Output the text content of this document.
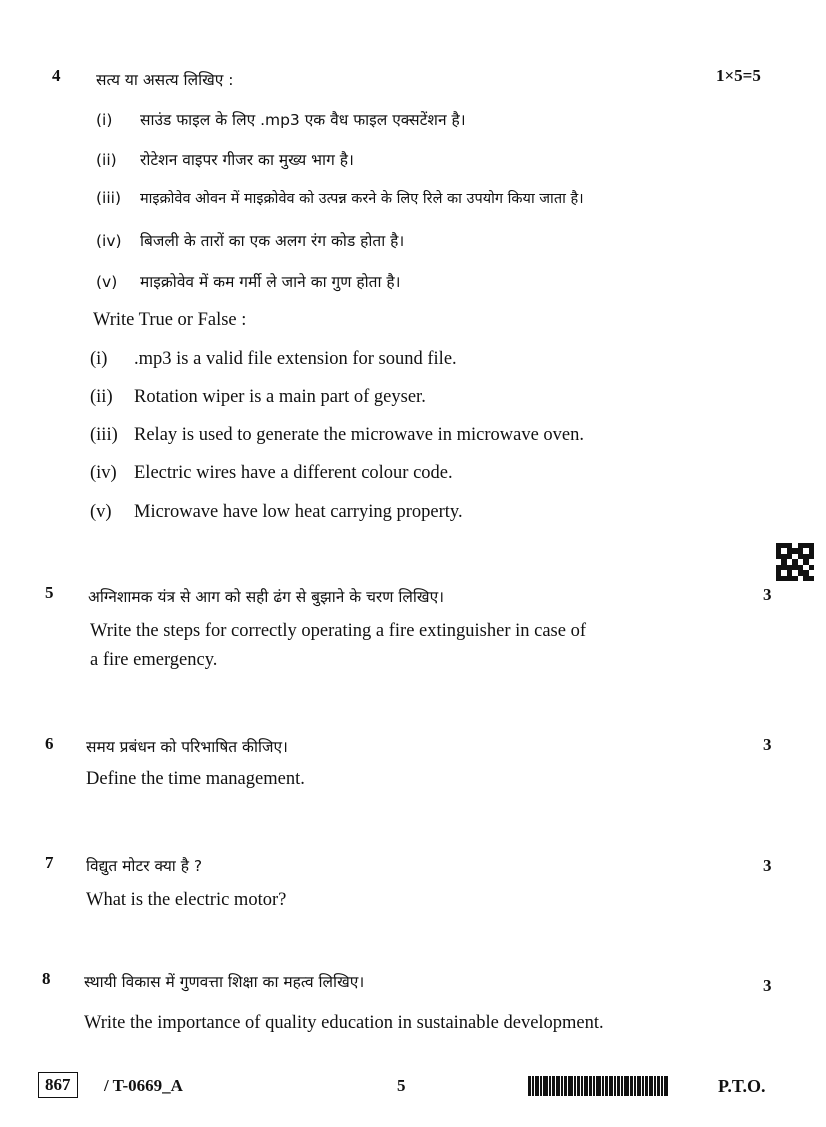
4 सत्य या असत्य लिखिए :	1×5=5
(i) साउंड फाइल के लिए .mp3 एक वैध फाइल एक्सटेंशन है।
(ii) रोटेशन वाइपर गीजर का मुख्य भाग है।
(iii) माइक्रोवेव ओवन में माइक्रोवेव को उत्पन्न करने के लिए रिले का उपयोग किया जाता है।
(iv) बिजली के तारों का एक अलग रंग कोड होता है।
(v) माइक्रोवेव में कम गर्मी ले जाने का गुण होता है।
Write True or False :
(i) .mp3 is a valid file extension for sound file.
(ii) Rotation wiper is a main part of geyser.
(iii) Relay is used to generate the microwave in microwave oven.
(iv) Electric wires have a different colour code.
(v) Microwave have low heat carrying property.
5 अग्निशामक यंत्र से आग को सही ढंग से बुझाने के चरण लिखिए।	3
Write the steps for correctly operating a fire extinguisher in case of
a fire emergency.
6 समय प्रबंधन को परिभाषित कीजिए।	3
Define the time management.
7 विद्युत मोटर क्या है ?	3
What is the electric motor?
8 स्थायी विकास में गुणवत्ता शिक्षा का महत्व लिखिए।	3
Write the importance of quality education in sustainable development.
867	/ T-0669_A	5	P.T.O.
